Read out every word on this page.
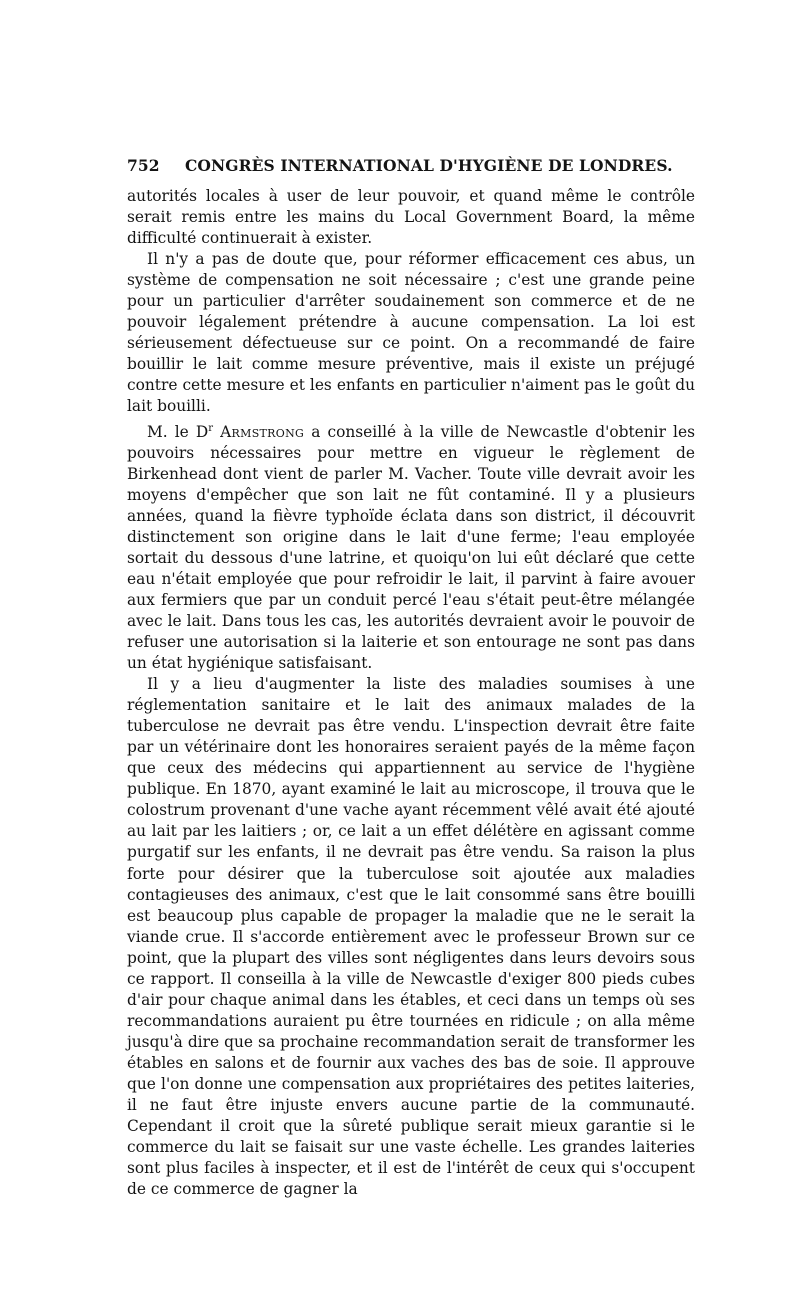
752	CONGRÈS INTERNATIONAL D'HYGIÈNE DE LONDRES.

autorités locales à user de leur pouvoir, et quand même le contrôle serait remis entre les mains du Local Government Board, la même difficulté continuerait à exister.

Il n'y a pas de doute que, pour réformer efficacement ces abus, un système de compensation ne soit nécessaire ; c'est une grande peine pour un particulier d'arrêter soudainement son commerce et de ne pouvoir légalement prétendre à aucune compensation. La loi est sérieusement défectueuse sur ce point. On a recommandé de faire bouillir le lait comme mesure préventive, mais il existe un préjugé contre cette mesure et les enfants en particulier n'aiment pas le goût du lait bouilli.

M. le $D^r$ Armstrong a conseillé à la ville de Newcastle d'obtenir les pouvoirs nécessaires pour mettre en vigueur le règlement de Birkenhead dont vient de parler M. Vacher. Toute ville devrait avoir les moyens d'empêcher que son lait ne fût contaminé. Il y a plusieurs années, quand la fièvre typhoïde éclata dans son district, il découvrit distinctement son origine dans le lait d'une ferme; l'eau employée sortait du dessous d'une latrine, et quoiqu'on lui eût déclaré que cette eau n'était employée que pour refroidir le lait, il parvint à faire avouer aux fermiers que par un conduit percé l'eau s'était peut-être mélangée avec le lait. Dans tous les cas, les autorités devraient avoir le pouvoir de refuser une autorisation si la laiterie et son entourage ne sont pas dans un état hygiénique satisfaisant.

Il y a lieu d'augmenter la liste des maladies soumises à une réglementation sanitaire et le lait des animaux malades de la tuberculose ne devrait pas être vendu. L'inspection devrait être faite par un vétérinaire dont les honoraires seraient payés de la même façon que ceux des médecins qui appartiennent au service de l'hygiène publique. En 1870, ayant examiné le lait au microscope, il trouva que le colostrum provenant d'une vache ayant récemment vêlé avait été ajouté au lait par les laitiers ; or, ce lait a un effet délétère en agissant comme purgatif sur les enfants, il ne devrait pas être vendu. Sa raison la plus forte pour désirer que la tuberculose soit ajoutée aux maladies contagieuses des animaux, c'est que le lait consommé sans être bouilli est beaucoup plus capable de propager la maladie que ne le serait la viande crue. Il s'accorde entièrement avec le professeur Brown sur ce point, que la plupart des villes sont négligentes dans leurs devoirs sous ce rapport. Il conseilla à la ville de Newcastle d'exiger 800 pieds cubes d'air pour chaque animal dans les étables, et ceci dans un temps où ses recommandations auraient pu être tournées en ridicule ; on alla même jusqu'à dire que sa prochaine recommandation serait de transformer les étables en salons et de fournir aux vaches des bas de soie. Il approuve que l'on donne une compensation aux propriétaires des petites laiteries, il ne faut être injuste envers aucune partie de la communauté. Cependant il croit que la sûreté publique serait mieux garantie si le commerce du lait se faisait sur une vaste échelle. Les grandes laiteries sont plus faciles à inspecter, et il est de l'intérêt de ceux qui s'occupent de ce commerce de gagner la
